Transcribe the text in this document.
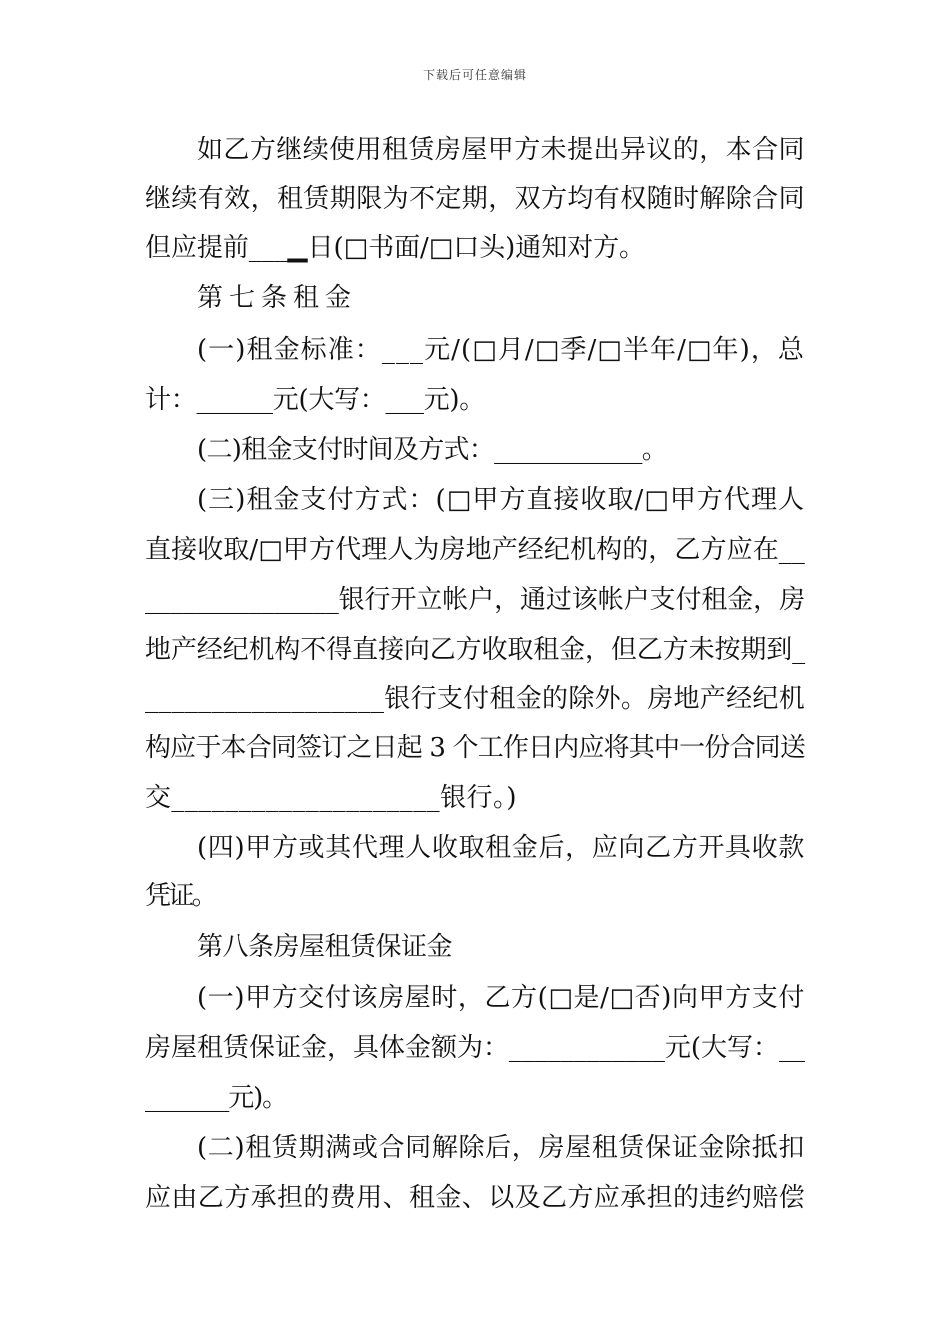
下载后可任意编辑
如乙方继续使用租赁房屋甲方未提出异议的，本合同
继续有效，租赁期限为不定期，双方均有权随时解除合同
但应提前___▁日(□书面/□口头)通知对方。
第七条租金
(一)租金标准：___元/(□月/□季/□半年/□年)，总
计：______元(大写：___元)。
(二)租金支付时间及方式：____________。
(三)租金支付方式：(□甲方直接收取/□甲方代理人
直接收取/□甲方代理人为房地产经纪机构的，乙方应在__
_______________银行开立帐户，通过该帐户支付租金，房
地产经纪机构不得直接向乙方收取租金，但乙方未按期到_
__________________银行支付租金的除外。房地产经纪机
构应于本合同签订之日起 3 个工作日内应将其中一份合同送
交____________________银行。)
(四)甲方或其代理人收取租金后，应向乙方开具收款
凭证。
第八条房屋租赁保证金
(一)甲方交付该房屋时，乙方(□是/□否)向甲方支付
房屋租赁保证金，具体金额为：____________元(大写：__
_______元)。
(二)租赁期满或合同解除后，房屋租赁保证金除抵扣
应由乙方承担的费用、租金、以及乙方应承担的违约赔偿
